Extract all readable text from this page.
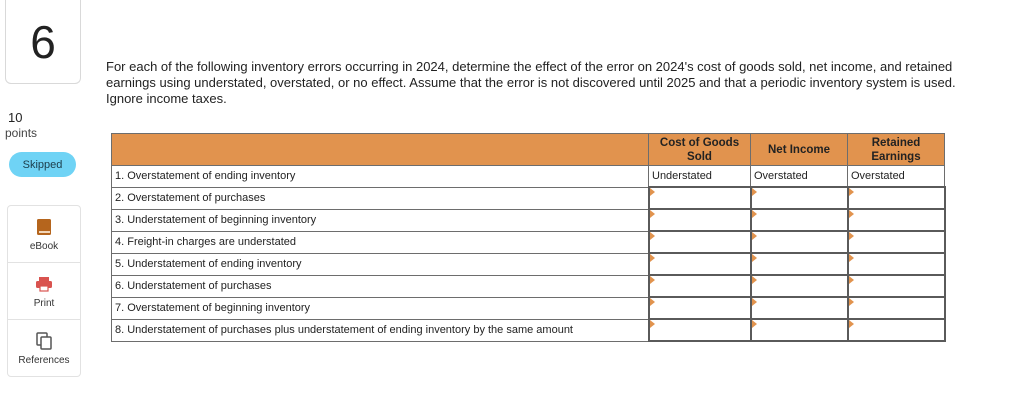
6
10
points
Skipped
eBook
Print
References
For each of the following inventory errors occurring in 2024, determine the effect of the error on 2024's cost of goods sold, net income, and retained earnings using understated, overstated, or no effect. Assume that the error is not discovered until 2025 and that a periodic inventory system is used. Ignore income taxes.
	Cost of Goods Sold	Net Income	Retained Earnings
1. Overstatement of ending inventory	Understated	Overstated	Overstated
2. Overstatement of purchases			
3. Understatement of beginning inventory			
4. Freight-in charges are understated			
5. Understatement of ending inventory			
6. Understatement of purchases			
7. Overstatement of beginning inventory			
8. Understatement of purchases plus understatement of ending inventory by the same amount			
